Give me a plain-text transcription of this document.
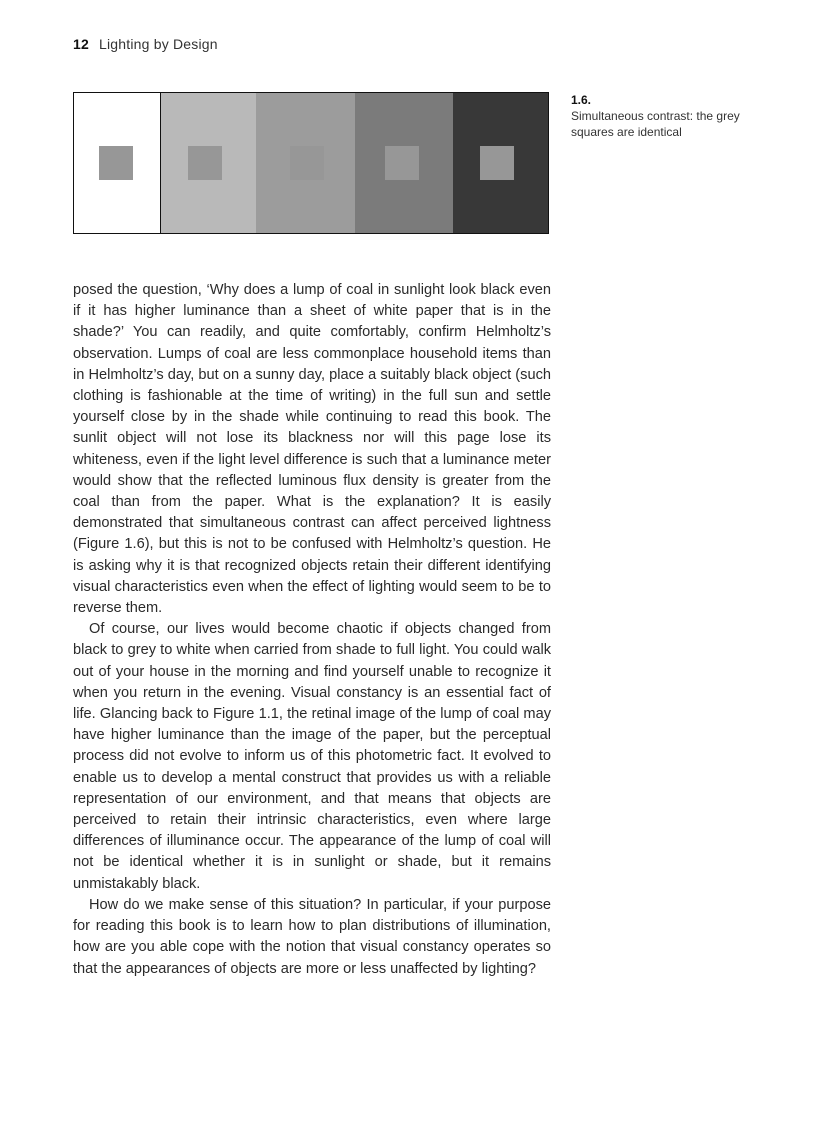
12 Lighting by Design
1.6.
Simultaneous contrast: the grey squares are identical

posed the question, ‘Why does a lump of coal in sunlight look black even if it has higher luminance than a sheet of white paper that is in the shade?’ You can readily, and quite comfortably, confirm Helmholtz’s observation. Lumps of coal are less commonplace household items than in Helmholtz’s day, but on a sunny day, place a suitably black object (such clothing is fashionable at the time of writing) in the full sun and settle yourself close by in the shade while continuing to read this book. The sunlit object will not lose its blackness nor will this page lose its whiteness, even if the light level difference is such that a luminance meter would show that the reflected luminous flux density is greater from the coal than from the paper. What is the explanation? It is easily demonstrated that simultaneous contrast can affect perceived lightness (Figure 1.6), but this is not to be confused with Helmholtz’s question. He is asking why it is that recognized objects retain their different identifying visual characteristics even when the effect of lighting would seem to be to reverse them.

Of course, our lives would become chaotic if objects changed from black to grey to white when carried from shade to full light. You could walk out of your house in the morning and find yourself unable to recognize it when you return in the evening. Visual constancy is an essential fact of life. Glancing back to Figure 1.1, the retinal image of the lump of coal may have higher luminance than the image of the paper, but the perceptual process did not evolve to inform us of this photometric fact. It evolved to enable us to develop a mental construct that provides us with a reliable representation of our environment, and that means that objects are perceived to retain their intrinsic characteristics, even where large differences of illuminance occur. The appearance of the lump of coal will not be identical whether it is in sunlight or shade, but it remains unmistakably black.

How do we make sense of this situation? In particular, if your purpose for reading this book is to learn how to plan distributions of illumination, how are you able cope with the notion that visual constancy operates so that the appearances of objects are more or less unaffected by lighting?
